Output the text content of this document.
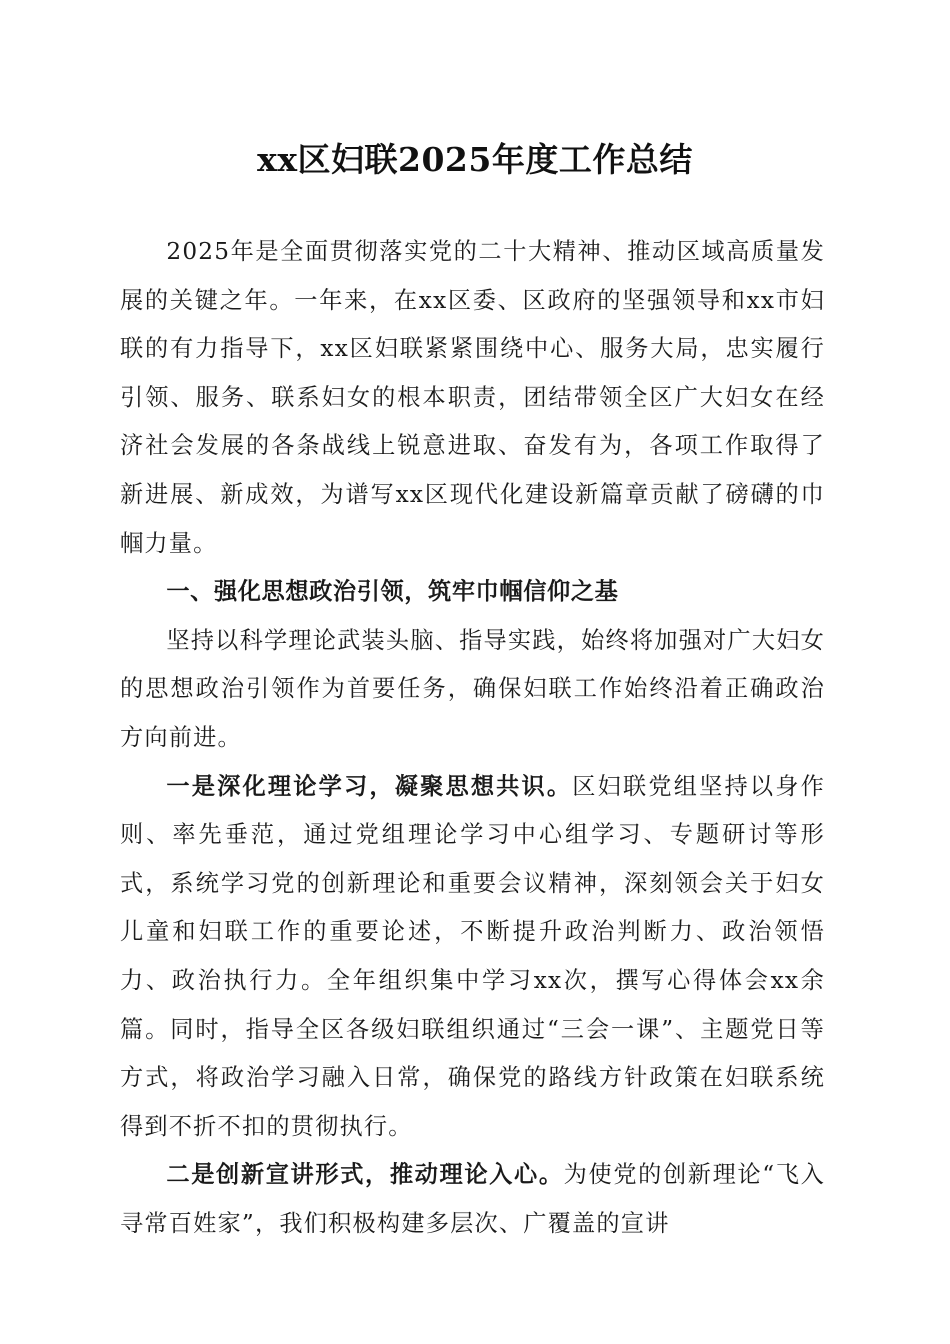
xx区妇联2025年度工作总结

2025年是全面贯彻落实党的二十大精神、推动区域高质量发展的关键之年。一年来，在xx区委、区政府的坚强领导和xx市妇联的有力指导下，xx区妇联紧紧围绕中心、服务大局，忠实履行引领、服务、联系妇女的根本职责，团结带领全区广大妇女在经济社会发展的各条战线上锐意进取、奋发有为，各项工作取得了新进展、新成效，为谱写xx区现代化建设新篇章贡献了磅礴的巾帼力量。

一、强化思想政治引领，筑牢巾帼信仰之基

坚持以科学理论武装头脑、指导实践，始终将加强对广大妇女的思想政治引领作为首要任务，确保妇联工作始终沿着正确政治方向前进。

一是深化理论学习，凝聚思想共识。区妇联党组坚持以身作则、率先垂范，通过党组理论学习中心组学习、专题研讨等形式，系统学习党的创新理论和重要会议精神，深刻领会关于妇女儿童和妇联工作的重要论述，不断提升政治判断力、政治领悟力、政治执行力。全年组织集中学习xx次，撰写心得体会xx余篇。同时，指导全区各级妇联组织通过“三会一课”、主题党日等方式，将政治学习融入日常，确保党的路线方针政策在妇联系统得到不折不扣的贯彻执行。

二是创新宣讲形式，推动理论入心。为使党的创新理论“飞入寻常百姓家”，我们积极构建多层次、广覆盖的宣讲
